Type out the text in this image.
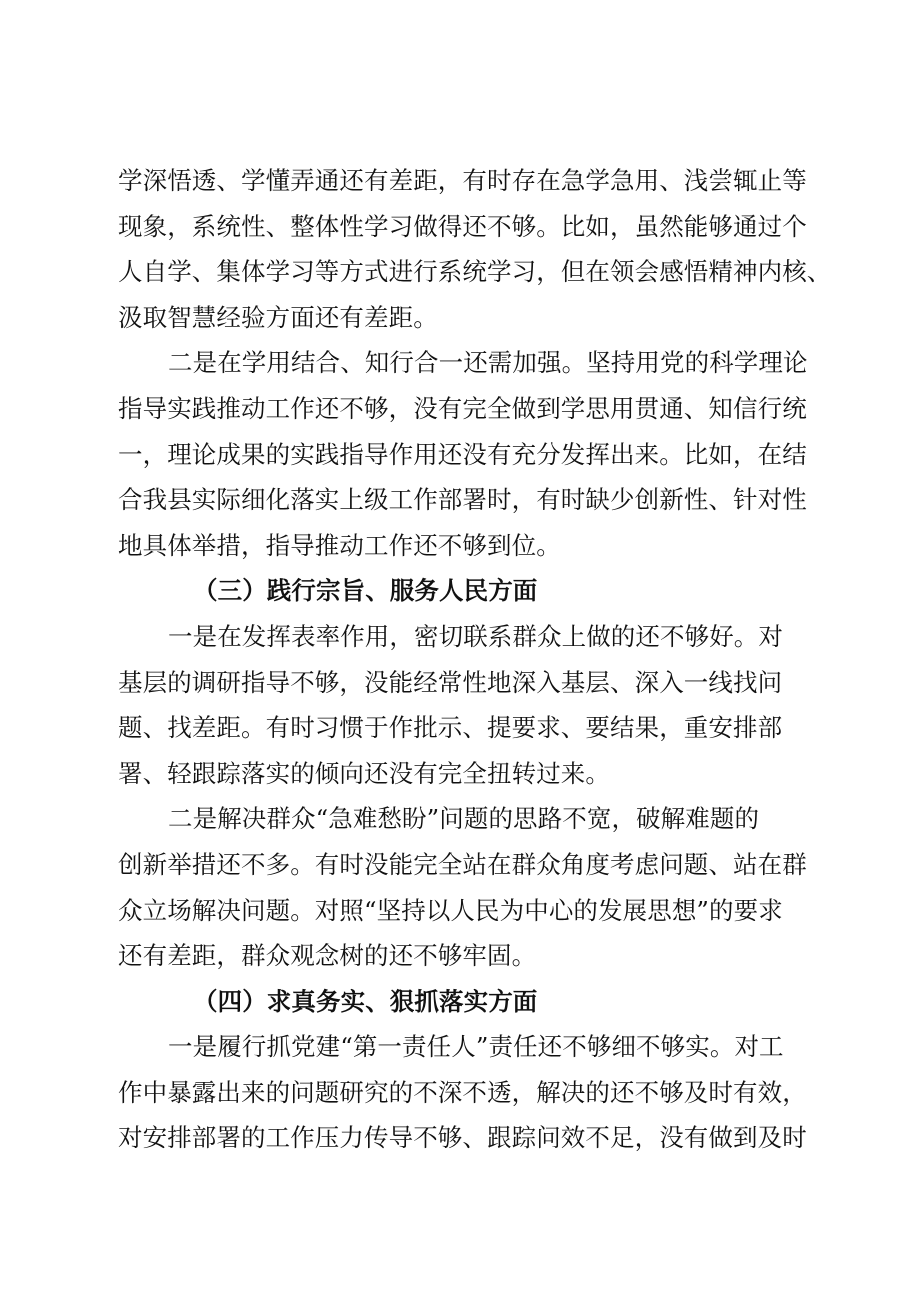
学深悟透、学懂弄通还有差距，有时存在急学急用、浅尝辄止等
现象，系统性、整体性学习做得还不够。比如，虽然能够通过个
人自学、集体学习等方式进行系统学习，但在领会感悟精神内核、
汲取智慧经验方面还有差距。
二是在学用结合、知行合一还需加强。坚持用党的科学理论
指导实践推动工作还不够，没有完全做到学思用贯通、知信行统
一，理论成果的实践指导作用还没有充分发挥出来。比如，在结
合我县实际细化落实上级工作部署时，有时缺少创新性、针对性
地具体举措，指导推动工作还不够到位。
（三）践行宗旨、服务人民方面
一是在发挥表率作用，密切联系群众上做的还不够好。对
基层的调研指导不够，没能经常性地深入基层、深入一线找问
题、找差距。有时习惯于作批示、提要求、要结果，重安排部
署、轻跟踪落实的倾向还没有完全扭转过来。
二是解决群众“急难愁盼”问题的思路不宽，破解难题的
创新举措还不多。有时没能完全站在群众角度考虑问题、站在群
众立场解决问题。对照“坚持以人民为中心的发展思想”的要求
还有差距，群众观念树的还不够牢固。
（四）求真务实、狠抓落实方面
一是履行抓党建“第一责任人”责任还不够细不够实。对工
作中暴露出来的问题研究的不深不透，解决的还不够及时有效，
对安排部署的工作压力传导不够、跟踪问效不足，没有做到及时
